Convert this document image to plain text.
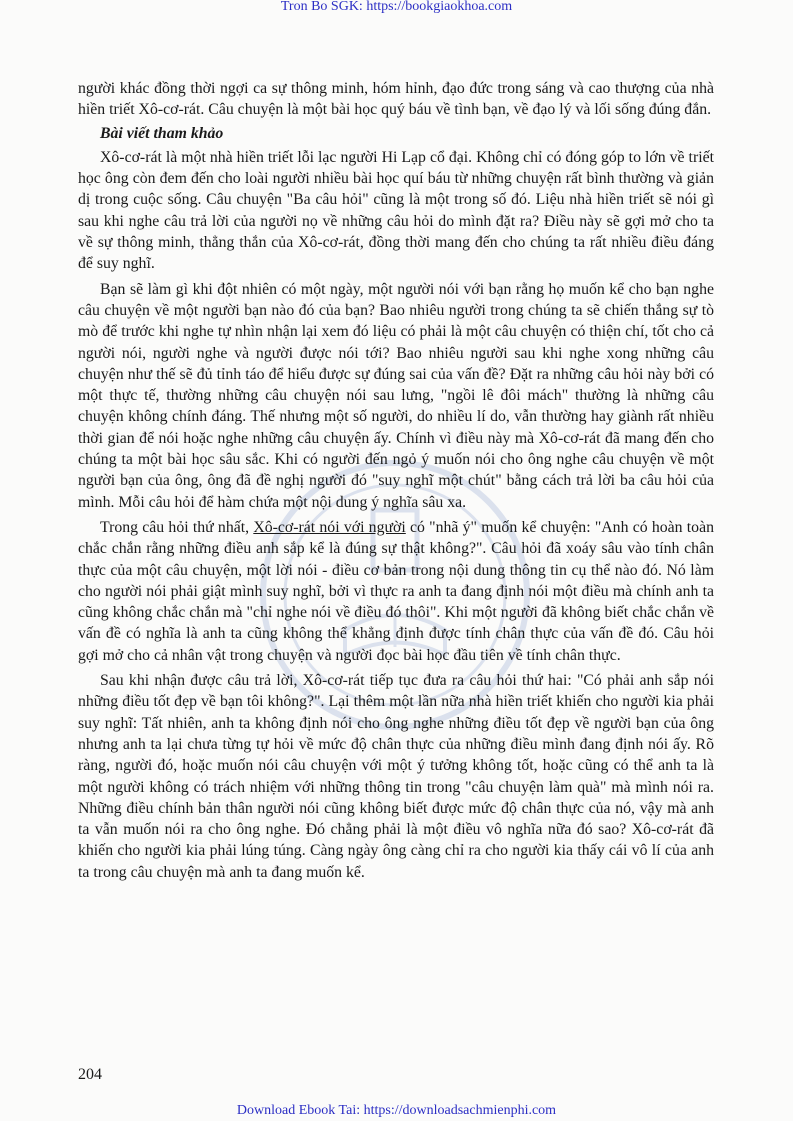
Tron Bo SGK: https://bookgiaokhoa.com

người khác đồng thời ngợi ca sự thông minh, hóm hỉnh, đạo đức trong sáng và cao thượng của nhà hiền triết Xô-cơ-rát. Câu chuyện là một bài học quý báu về tình bạn, về đạo lý và lối sống đúng đắn.

Bài viết tham khảo

Xô-cơ-rát là một nhà hiền triết lỗi lạc người Hi Lạp cổ đại. Không chỉ có đóng góp to lớn về triết học ông còn đem đến cho loài người nhiều bài học quí báu từ những chuyện rất bình thường và giản dị trong cuộc sống. Câu chuyện "Ba câu hỏi" cũng là một trong số đó. Liệu nhà hiền triết sẽ nói gì sau khi nghe câu trả lời của người nọ về những câu hỏi do mình đặt ra? Điều này sẽ gợi mở cho ta về sự thông minh, thẳng thắn của Xô-cơ-rát, đồng thời mang đến cho chúng ta rất nhiều điều đáng để suy nghĩ.

Bạn sẽ làm gì khi đột nhiên có một ngày, một người nói với bạn rằng họ muốn kể cho bạn nghe câu chuyện về một người bạn nào đó của bạn? Bao nhiêu người trong chúng ta sẽ chiến thắng sự tò mò để trước khi nghe tự nhìn nhận lại xem đó liệu có phải là một câu chuyện có thiện chí, tốt cho cả người nói, người nghe và người được nói tới? Bao nhiêu người sau khi nghe xong những câu chuyện như thế sẽ đủ tỉnh táo để hiểu được sự đúng sai của vấn đề? Đặt ra những câu hỏi này bởi có một thực tế, thường những câu chuyện nói sau lưng, "ngồi lê đôi mách" thường là những câu chuyện không chính đáng. Thế nhưng một số người, do nhiều lí do, vẫn thường hay giành rất nhiều thời gian để nói hoặc nghe những câu chuyện ấy. Chính vì điều này mà Xô-cơ-rát đã mang đến cho chúng ta một bài học sâu sắc. Khi có người đến ngỏ ý muốn nói cho ông nghe câu chuyện về một người bạn của ông, ông đã đề nghị người đó "suy nghĩ một chút" bằng cách trả lời ba câu hỏi của mình. Mỗi câu hỏi để hàm chứa một nội dung ý nghĩa sâu xa.

Trong câu hỏi thứ nhất, Xô-cơ-rát nói với người có "nhã ý" muốn kể chuyện: "Anh có hoàn toàn chắc chắn rằng những điều anh sắp kể là đúng sự thật không?". Câu hỏi đã xoáy sâu vào tính chân thực của một câu chuyện, một lời nói - điều cơ bản trong nội dung thông tin cụ thể nào đó. Nó làm cho người nói phải giật mình suy nghĩ, bởi vì thực ra anh ta đang định nói một điều mà chính anh ta cũng không chắc chắn mà "chỉ nghe nói về điều đó thôi". Khi một người đã không biết chắc chắn về vấn đề có nghĩa là anh ta cũng không thể khẳng định được tính chân thực của vấn đề đó. Câu hỏi gợi mở cho cả nhân vật trong chuyện và người đọc bài học đầu tiên về tính chân thực.

Sau khi nhận được câu trả lời, Xô-cơ-rát tiếp tục đưa ra câu hỏi thứ hai: "Có phải anh sắp nói những điều tốt đẹp về bạn tôi không?". Lại thêm một lần nữa nhà hiền triết khiến cho người kia phải suy nghĩ: Tất nhiên, anh ta không định nói cho ông nghe những điều tốt đẹp về người bạn của ông nhưng anh ta lại chưa từng tự hỏi về mức độ chân thực của những điều mình đang định nói ấy. Rõ ràng, người đó, hoặc muốn nói câu chuyện với một ý tưởng không tốt, hoặc cũng có thể anh ta là một người không có trách nhiệm với những thông tin trong "câu chuyện làm quà" mà mình nói ra. Những điều chính bản thân người nói cũng không biết được mức độ chân thực của nó, vậy mà anh ta vẫn muốn nói ra cho ông nghe. Đó chẳng phải là một điều vô nghĩa nữa đó sao? Xô-cơ-rát đã khiến cho người kia phải lúng túng. Càng ngày ông càng chỉ ra cho người kia thấy cái vô lí của anh ta trong câu chuyện mà anh ta đang muốn kể.

204
Download Ebook Tai: https://downloadsachmienphi.com
